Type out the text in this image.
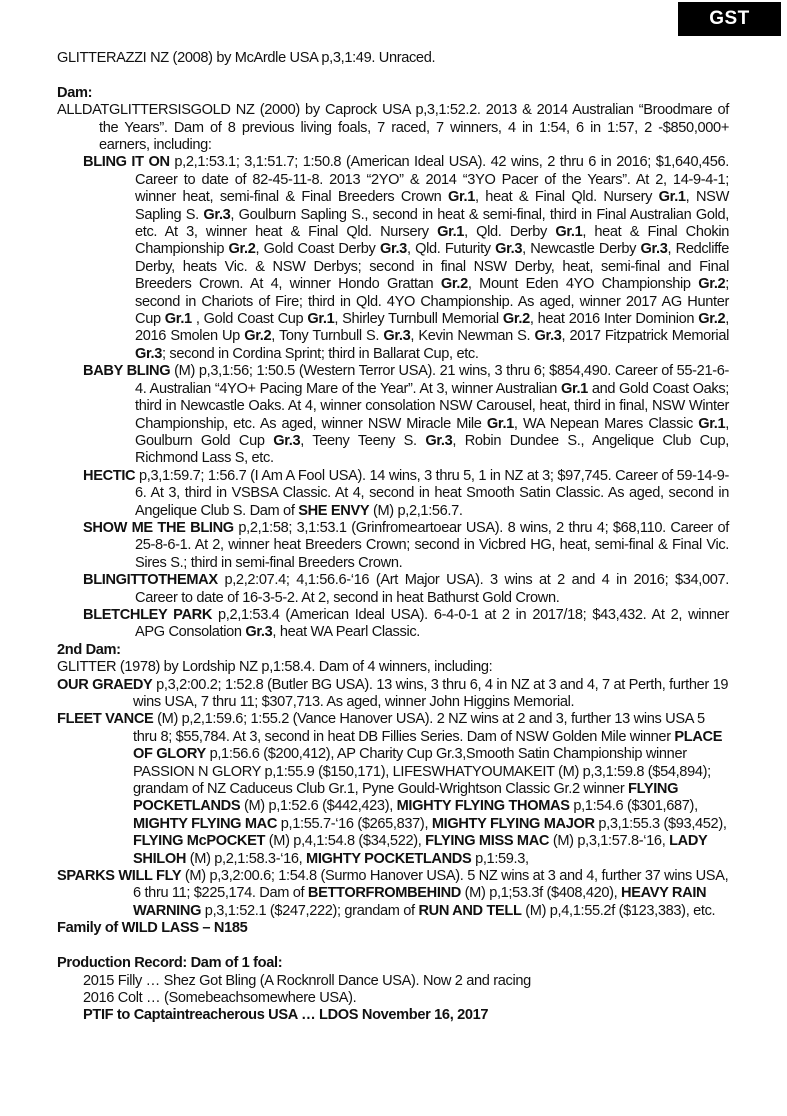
GST

GLITTERAZZI NZ (2008) by McArdle USA p,3,1:49. Unraced.

Dam:

ALLDATGLITTERSISGOLD NZ (2000) by Caprock USA p,3,1:52.2. 2013 & 2014 Australian “Broodmare of the Years”. Dam of 8 previous living foals, 7 raced, 7 winners, 4 in 1:54, 6 in 1:57, 2 -$850,000+ earners, including:

BLING IT ON p,2,1:53.1; 3,1:51.7; 1:50.8 (American Ideal USA). 42 wins, 2 thru 6 in 2016; $1,640,456. Career to date of 82-45-11-8. 2013 “2YO” & 2014 “3YO Pacer of the Years”. At 2, 14-9-4-1; winner heat, semi-final & Final Breeders Crown Gr.1, heat & Final Qld. Nursery Gr.1, NSW Sapling S. Gr.3, Goulburn Sapling S., second in heat & semi-final, third in Final Australian Gold, etc. At 3, winner heat & Final Qld. Nursery Gr.1, Qld. Derby Gr.1, heat & Final Chokin Championship Gr.2, Gold Coast Derby Gr.3, Qld. Futurity Gr.3, Newcastle Derby Gr.3, Redcliffe Derby, heats Vic. & NSW Derbys; second in final NSW Derby, heat, semi-final and Final Breeders Crown. At 4, winner Hondo Grattan Gr.2, Mount Eden 4YO Championship Gr.2; second in Chariots of Fire; third in Qld. 4YO Championship. As aged, winner 2017 AG Hunter Cup Gr.1 , Gold Coast Cup Gr.1, Shirley Turnbull Memorial Gr.2, heat 2016 Inter Dominion Gr.2, 2016 Smolen Up Gr.2, Tony Turnbull S. Gr.3, Kevin Newman S. Gr.3, 2017 Fitzpatrick Memorial Gr.3; second in Cordina Sprint; third in Ballarat Cup, etc.

BABY BLING (M) p,3,1:56; 1:50.5 (Western Terror USA). 21 wins, 3 thru 6; $854,490. Career of 55-21-6-4. Australian “4YO+ Pacing Mare of the Year”. At 3, winner Australian Gr.1 and Gold Coast Oaks; third in Newcastle Oaks. At 4, winner consolation NSW Carousel, heat, third in final, NSW Winter Championship, etc. As aged, winner NSW Miracle Mile Gr.1, WA Nepean Mares Classic Gr.1, Goulburn Gold Cup Gr.3, Teeny Teeny S. Gr.3, Robin Dundee S., Angelique Club Cup, Richmond Lass S, etc.

HECTIC p,3,1:59.7; 1:56.7 (I Am A Fool USA). 14 wins, 3 thru 5, 1 in NZ at 3; $97,745. Career of 59-14-9-6. At 3, third in VSBSA Classic. At 4, second in heat Smooth Satin Classic. As aged, second in Angelique Club S. Dam of SHE ENVY (M) p,2,1:56.7.

SHOW ME THE BLING p,2,1:58; 3,1:53.1 (Grinfromeartoear USA). 8 wins, 2 thru 4; $68,110. Career of 25-8-6-1. At 2, winner heat Breeders Crown; second in Vicbred HG, heat, semi-final & Final Vic. Sires S.; third in semi-final Breeders Crown.

BLINGITTOTHEMAX p,2,2:07.4; 4,1:56.6-‘16 (Art Major USA). 3 wins at 2 and 4 in 2016; $34,007. Career to date of 16-3-5-2. At 2, second in heat Bathurst Gold Crown.

BLETCHLEY PARK p,2,1:53.4 (American Ideal USA). 6-4-0-1 at 2 in 2017/18; $43,432. At 2, winner APG Consolation Gr.3, heat WA Pearl Classic.

2nd Dam:

GLITTER (1978) by Lordship NZ p,1:58.4. Dam of 4 winners, including:

OUR GRAEDY p,3,2:00.2; 1:52.8 (Butler BG USA). 13 wins, 3 thru 6, 4 in NZ at 3 and 4, 7 at Perth, further 19 wins USA, 7 thru 11; $307,713. As aged, winner John Higgins Memorial.

FLEET VANCE (M) p,2,1:59.6; 1:55.2 (Vance Hanover USA). 2 NZ wins at 2 and 3, further 13 wins USA 5 thru 8; $55,784. At 3, second in heat DB Fillies Series. Dam of NSW Golden Mile winner PLACE OF GLORY p,1:56.6 ($200,412), AP Charity Cup Gr.3,Smooth Satin Championship winner PASSION N GLORY p,1:55.9 ($150,171), LIFESWHATYOUMAKEIT (M) p,3,1:59.8 ($54,894); grandam of NZ Caduceus Club Gr.1, Pyne Gould-Wrightson Classic Gr.2 winner FLYING POCKETLANDS (M) p,1:52.6 ($442,423), MIGHTY FLYING THOMAS p,1:54.6 ($301,687), MIGHTY FLYING MAC p,1:55.7-‘16 ($265,837), MIGHTY FLYING MAJOR p,3,1:55.3 ($93,452), FLYING McPOCKET (M) p,4,1:54.8 ($34,522), FLYING MISS MAC (M) p,3,1:57.8-‘16, LADY SHILOH (M) p,2,1:58.3-‘16, MIGHTY POCKETLANDS p,1:59.3,

SPARKS WILL FLY (M) p,3,2:00.6; 1:54.8 (Surmo Hanover USA). 5 NZ wins at 3 and 4, further 37 wins USA, 6 thru 11; $225,174. Dam of BETTORFROMBEHIND (M) p,1;53.3f ($408,420), HEAVY RAIN WARNING p,3,1:52.1 ($247,222); grandam of RUN AND TELL (M) p,4,1:55.2f ($123,383), etc.

Family of WILD LASS – N185

Production Record: Dam of 1 foal:

2015 Filly … Shez Got Bling (A Rocknroll Dance USA). Now 2 and racing

2016 Colt … (Somebeachsomewhere USA).

PTIF to Captaintreacherous USA … LDOS November 16, 2017
